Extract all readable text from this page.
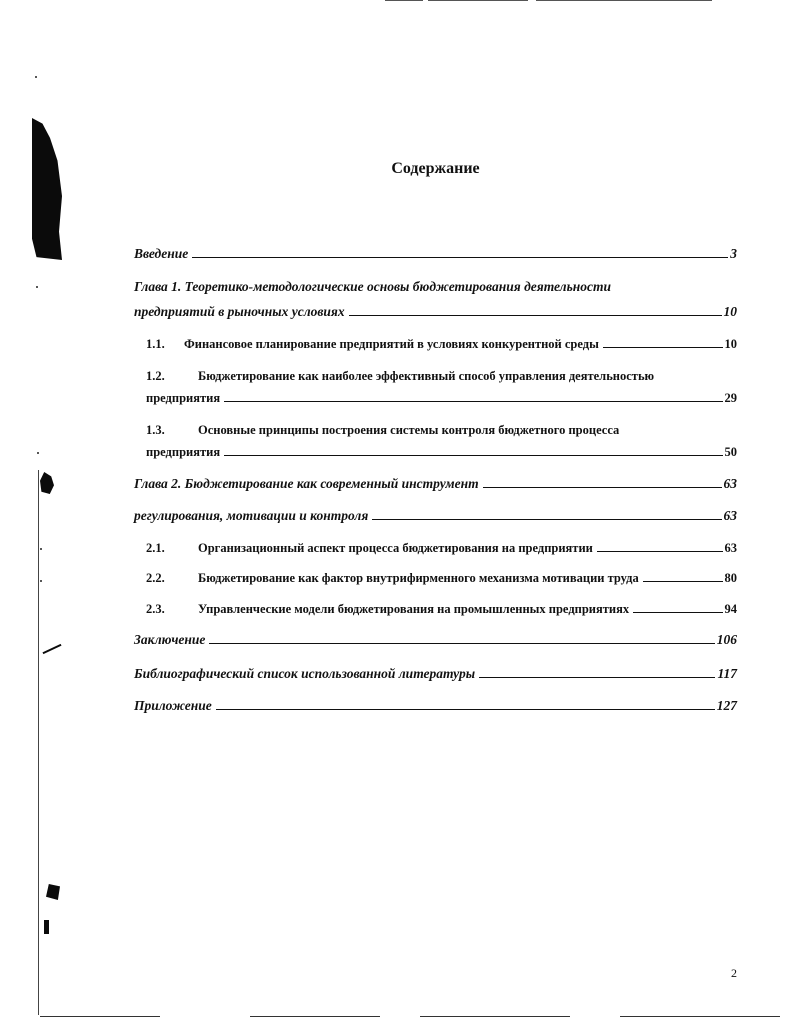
Содержание
Введение	3
Глава 1. Теоретико-методологические основы бюджетирования деятельности
предприятий в рыночных условиях	10
1.1.	Финансовое планирование предприятий в условиях конкурентной среды	10
1.2.	Бюджетирование как наиболее эффективный способ управления деятельностью
предприятия	29
1.3.	Основные принципы построения системы контроля бюджетного процесса
предприятия	50
Глава 2. Бюджетирование как современный инструмент	63
регулирования, мотивации и контроля	63
2.1.	Организационный аспект процесса бюджетирования на предприятии	63
2.2.	Бюджетирование как фактор внутрифирменного механизма мотивации труда	80
2.3.	Управленческие модели бюджетирования на промышленных предприятиях	94
Заключение	106
Библиографический список использованной литературы	117
Приложение	127
2
